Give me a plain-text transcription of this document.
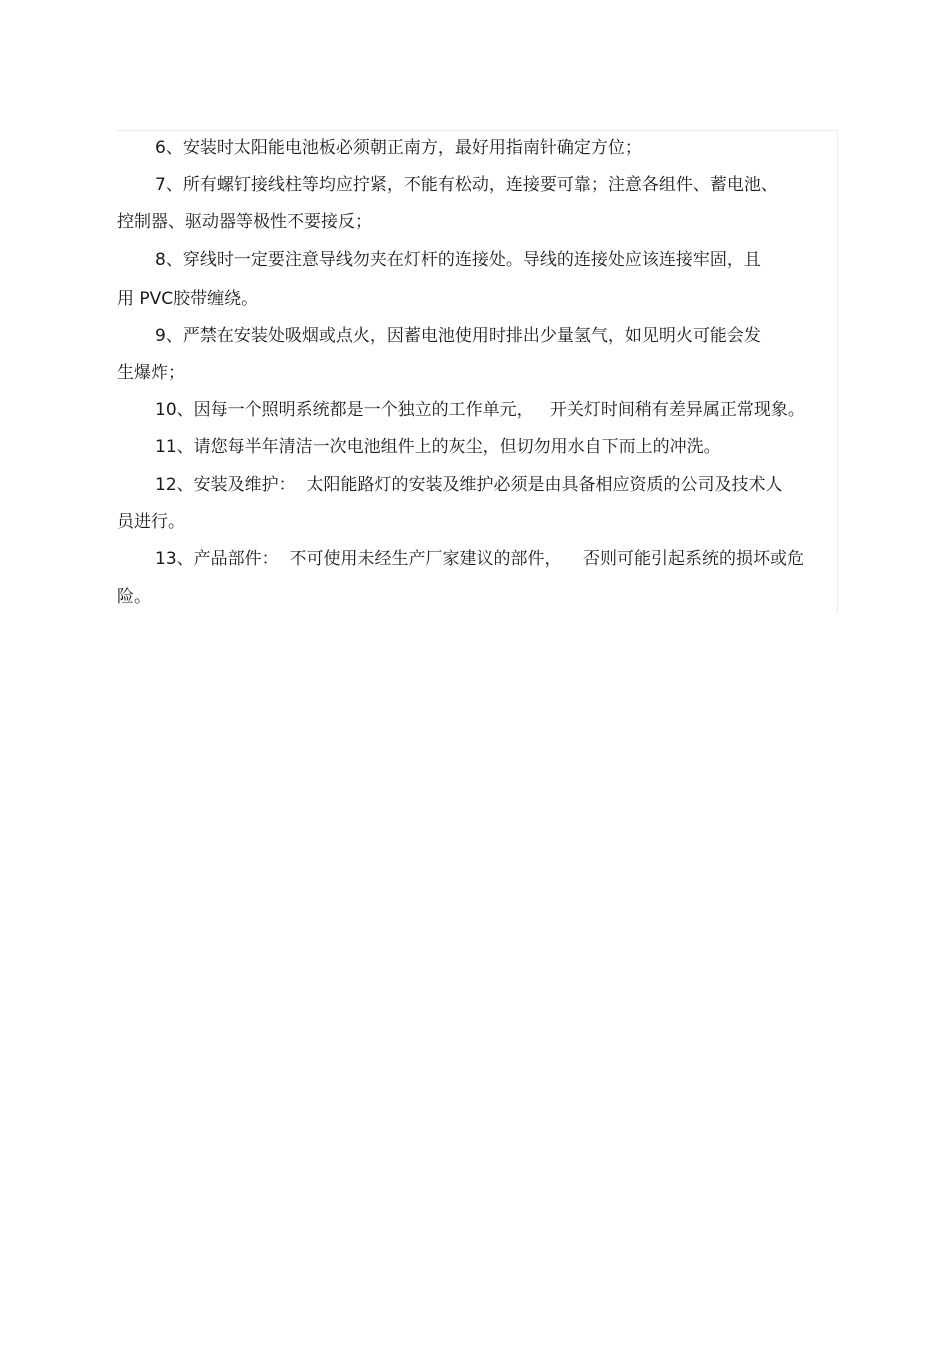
6、安装时太阳能电池板必须朝正南方，最好用指南针确定方位；
7、所有螺钉接线柱等均应拧紧，不能有松动，连接要可靠；注意各组件、蓄电池、
控制器、驱动器等极性不要接反；
8、穿线时一定要注意导线勿夹在灯杆的连接处。导线的连接处应该连接牢固，且
用 PVC胶带缠绕。
9、严禁在安装处吸烟或点火，因蓄电池使用时排出少量氢气，如见明火可能会发
生爆炸；
10、因每一个照明系统都是一个独立的工作单元，   开关灯时间稍有差异属正常现象。
11、请您每半年清洁一次电池组件上的灰尘，但切勿用水自下而上的冲洗。
12、安装及维护：  太阳能路灯的安装及维护必须是由具备相应资质的公司及技术人
员进行。
13、产品部件：  不可使用未经生产厂家建议的部件，    否则可能引起系统的损坏或危
险。
